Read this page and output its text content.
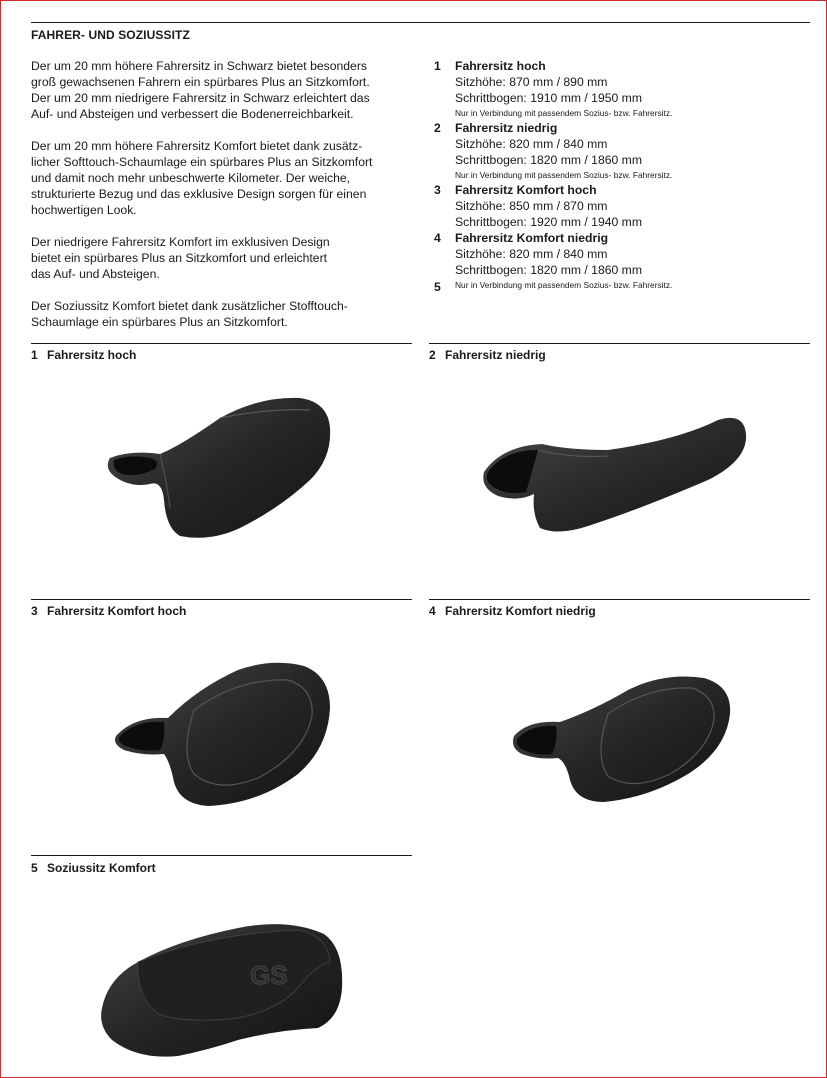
FAHRER- UND SOZIUSSITZ

Der um 20 mm höhere Fahrersitz in Schwarz bietet besonders
groß gewachsenen Fahrern ein spürbares Plus an Sitzkomfort.
Der um 20 mm niedrigere Fahrersitz in Schwarz erleichtert das
Auf- und Absteigen und verbessert die Bodenerreichbarkeit.

Der um 20 mm höhere Fahrersitz Komfort bietet dank zusätz-
licher Softtouch-Schaumlage ein spürbares Plus an Sitzkomfort
und damit noch mehr unbeschwerte Kilometer. Der weiche,
strukturierte Bezug und das exklusive Design sorgen für einen
hochwertigen Look.

Der niedrigere Fahrersitz Komfort im exklusiven Design
bietet ein spürbares Plus an Sitzkomfort und erleichtert
das Auf- und Absteigen.

Der Soziussitz Komfort bietet dank zusätzlicher Stofftouch-
Schaumlage ein spürbares Plus an Sitzkomfort.

1 Fahrersitz hoch
Sitzhöhe: 870 mm / 890 mm
Schrittbogen: 1910 mm / 1950 mm
Nur in Verbindung mit passendem Sozius- bzw. Fahrersitz.
2 Fahrersitz niedrig
Sitzhöhe: 820 mm / 840 mm
Schrittbogen: 1820 mm / 1860 mm
Nur in Verbindung mit passendem Sozius- bzw. Fahrersitz.
3 Fahrersitz Komfort hoch
Sitzhöhe: 850 mm / 870 mm
Schrittbogen: 1920 mm / 1940 mm
4 Fahrersitz Komfort niedrig
Sitzhöhe: 820 mm / 840 mm
Schrittbogen: 1820 mm / 1860 mm
5 Nur in Verbindung mit passendem Sozius- bzw. Fahrersitz.
1 Fahrersitz hoch	2 Fahrersitz niedrig
3 Fahrersitz Komfort hoch	4 Fahrersitz Komfort niedrig
5 Soziussitz Komfort
GS
